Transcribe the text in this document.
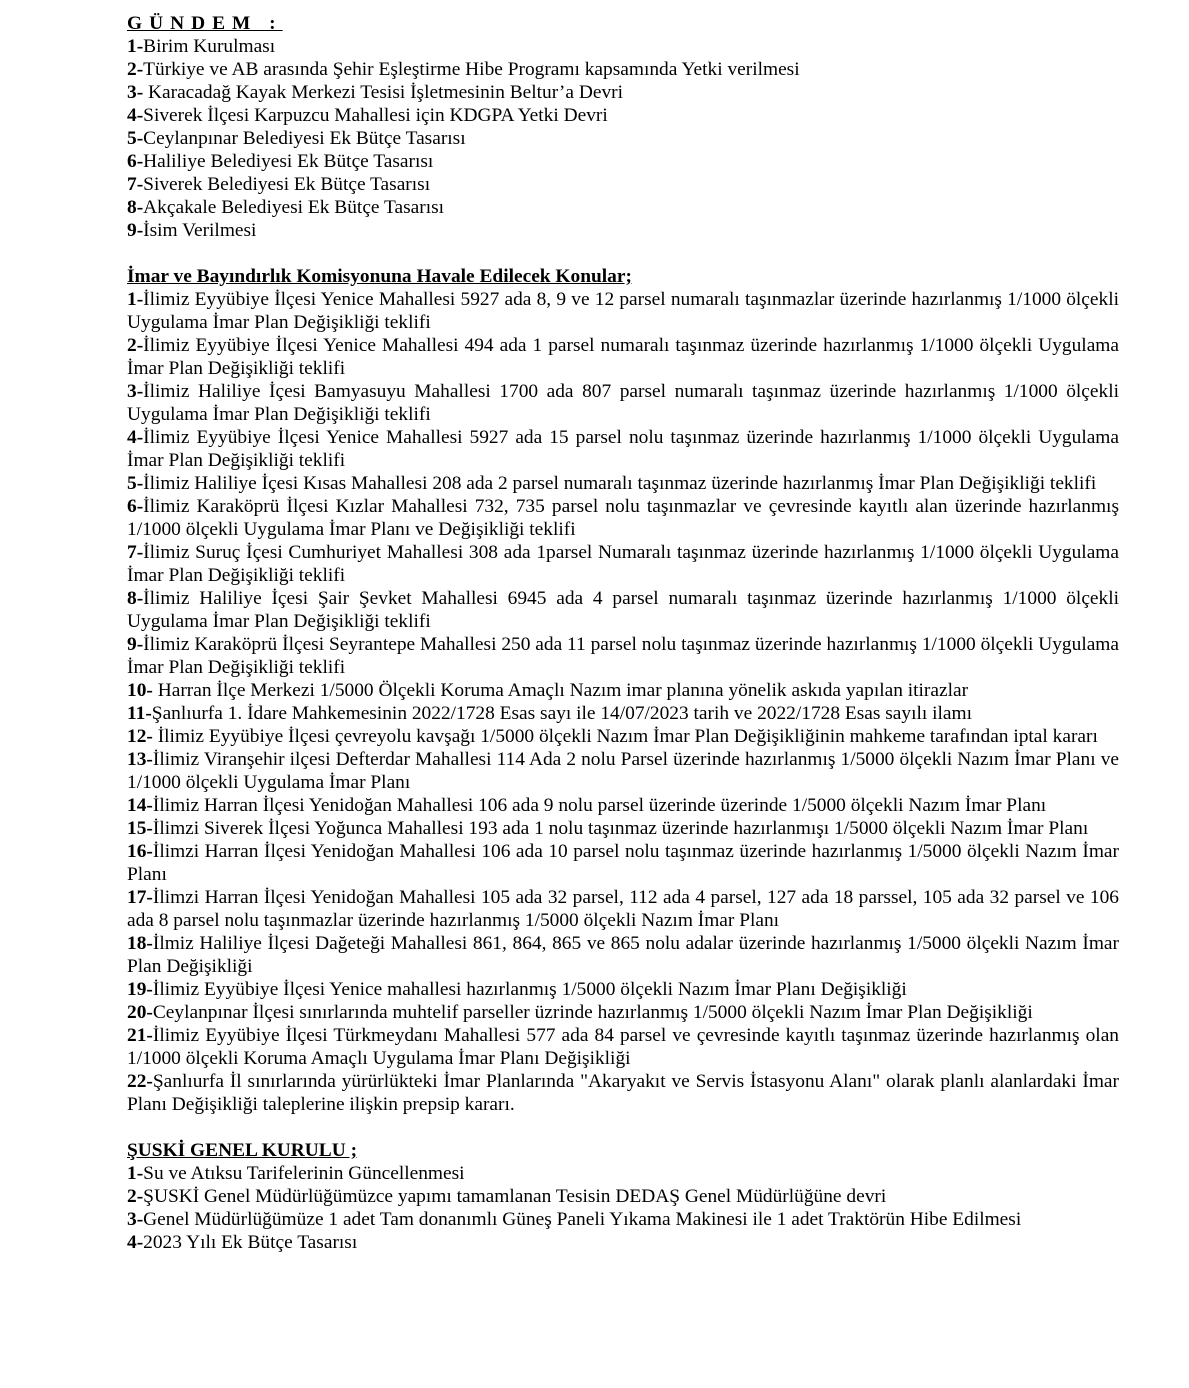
GÜNDEM :

1-Birim Kurulması

2-Türkiye ve AB arasında Şehir Eşleştirme Hibe Programı kapsamında Yetki verilmesi

3- Karacadağ Kayak Merkezi Tesisi İşletmesinin Beltur’a Devri

4-Siverek İlçesi Karpuzcu Mahallesi için KDGPA Yetki Devri

5-Ceylanpınar Belediyesi Ek Bütçe Tasarısı

6-Haliliye Belediyesi Ek Bütçe Tasarısı

7-Siverek Belediyesi Ek Bütçe Tasarısı

8-Akçakale Belediyesi Ek Bütçe Tasarısı

9-İsim Verilmesi

İmar ve Bayındırlık Komisyonuna Havale Edilecek Konular;

1-İlimiz Eyyübiye İlçesi Yenice Mahallesi 5927 ada 8, 9 ve 12 parsel numaralı taşınmazlar üzerinde hazırlanmış 1/1000 ölçekli Uygulama İmar Plan Değişikliği teklifi

2-İlimiz Eyyübiye İlçesi Yenice Mahallesi 494 ada 1 parsel numaralı taşınmaz üzerinde hazırlanmış 1/1000 ölçekli Uygulama İmar Plan Değişikliği teklifi

3-İlimiz Haliliye İçesi Bamyasuyu Mahallesi 1700 ada 807 parsel numaralı taşınmaz üzerinde hazırlanmış 1/1000 ölçekli Uygulama İmar Plan Değişikliği teklifi

4-İlimiz Eyyübiye İlçesi Yenice Mahallesi 5927 ada 15 parsel nolu taşınmaz üzerinde hazırlanmış 1/1000 ölçekli Uygulama İmar Plan Değişikliği teklifi

5-İlimiz Haliliye İçesi Kısas Mahallesi 208 ada 2 parsel numaralı taşınmaz üzerinde hazırlanmış İmar Plan Değişikliği teklifi

6-İlimiz Karaköprü İlçesi Kızlar Mahallesi 732, 735 parsel nolu taşınmazlar ve çevresinde kayıtlı alan üzerinde hazırlanmış 1/1000 ölçekli Uygulama İmar Planı ve Değişikliği teklifi

7-İlimiz Suruç İçesi Cumhuriyet Mahallesi 308 ada 1parsel Numaralı taşınmaz üzerinde hazırlanmış 1/1000 ölçekli Uygulama İmar Plan Değişikliği teklifi

8-İlimiz Haliliye İçesi Şair Şevket Mahallesi 6945 ada 4 parsel numaralı taşınmaz üzerinde hazırlanmış 1/1000 ölçekli Uygulama İmar Plan Değişikliği teklifi

9-İlimiz Karaköprü İlçesi Seyrantepe Mahallesi 250 ada 11 parsel nolu taşınmaz üzerinde hazırlanmış 1/1000 ölçekli Uygulama İmar Plan Değişikliği teklifi

10- Harran İlçe Merkezi 1/5000 Ölçekli Koruma Amaçlı Nazım imar planına yönelik askıda yapılan itirazlar

11-Şanlıurfa 1. İdare Mahkemesinin 2022/1728 Esas sayı ile 14/07/2023 tarih ve 2022/1728 Esas sayılı ilamı

12- İlimiz Eyyübiye İlçesi çevreyolu kavşağı 1/5000 ölçekli Nazım İmar Plan Değişikliğinin mahkeme tarafından iptal kararı

13-İlimiz Viranşehir ilçesi Defterdar Mahallesi 114 Ada 2 nolu Parsel üzerinde hazırlanmış 1/5000 ölçekli Nazım İmar Planı ve 1/1000 ölçekli Uygulama İmar Planı

14-İlimiz Harran İlçesi Yenidoğan Mahallesi 106 ada 9 nolu parsel üzerinde üzerinde 1/5000 ölçekli Nazım İmar Planı

15-İlimzi Siverek İlçesi Yoğunca Mahallesi 193 ada 1 nolu taşınmaz üzerinde hazırlanmışı 1/5000 ölçekli Nazım İmar Planı

16-İlimzi Harran İlçesi Yenidoğan Mahallesi 106 ada 10 parsel nolu taşınmaz üzerinde hazırlanmış 1/5000 ölçekli Nazım İmar Planı

17-İlimzi Harran İlçesi Yenidoğan Mahallesi 105 ada 32 parsel, 112 ada 4 parsel, 127 ada 18 parssel, 105 ada 32 parsel ve 106 ada 8 parsel nolu taşınmazlar üzerinde hazırlanmış 1/5000 ölçekli Nazım İmar Planı

18-İlmiz Haliliye İlçesi Dağeteği Mahallesi 861, 864, 865 ve 865 nolu adalar üzerinde hazırlanmış 1/5000 ölçekli Nazım İmar Plan Değişikliği

19-İlimiz Eyyübiye İlçesi Yenice mahallesi hazırlanmış 1/5000 ölçekli Nazım İmar Planı Değişikliği

20-Ceylanpınar İlçesi sınırlarında muhtelif parseller üzrinde hazırlanmış 1/5000 ölçekli Nazım İmar Plan Değişikliği

21-İlimiz Eyyübiye İlçesi Türkmeydanı Mahallesi 577 ada 84 parsel ve çevresinde kayıtlı taşınmaz üzerinde hazırlanmış olan 1/1000 ölçekli Koruma Amaçlı Uygulama İmar Planı Değişikliği

22-Şanlıurfa İl sınırlarında yürürlükteki İmar Planlarında "Akaryakıt ve Servis İstasyonu Alanı" olarak planlı alanlardaki İmar Planı Değişikliği taleplerine ilişkin prepsip kararı.

ŞUSKİ GENEL KURULU ;

1-Su ve Atıksu Tarifelerinin Güncellenmesi

2-ŞUSKİ Genel Müdürlüğümüzce yapımı tamamlanan Tesisin DEDAŞ Genel Müdürlüğüne devri

3-Genel Müdürlüğümüze 1 adet Tam donanımlı Güneş Paneli Yıkama Makinesi ile 1 adet Traktörün Hibe Edilmesi

4-2023 Yılı Ek Bütçe Tasarısı
